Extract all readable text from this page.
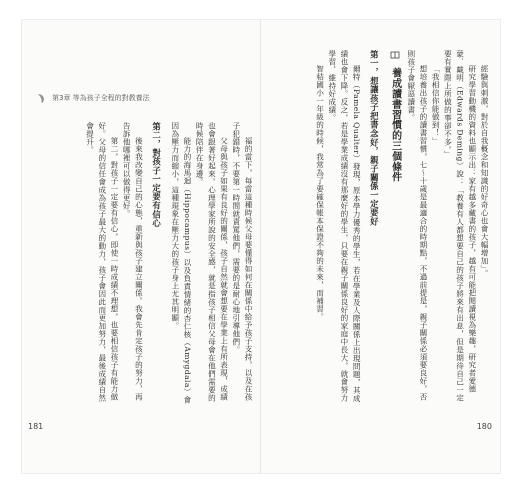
第3章 等為孩子全程的對教養法	經驗與刺激，對於自我概念和知識的好奇心也會大幅增加」。

研究學習動機的資料也顯示出：家有越多藏書的孩子，越有可能把閱讀視為樂趣，研究者愛德蒙．戴明（Edwards Deming）說：「教養有人都想要自己的孩子將來有出息，但是期待自己一定要有實際上所做的事卻不多。」

「我相信你能做到！」

想培養出孩子的讀書習慣，七～十歲是最適合的時期點，不過前提是，親子關係必須要良好，否則孩子會厭惡讀書。

養成讀書習慣的三個條件

第一，想讓孩子把書念好，親子關係一定要好

爾特（Pamela Qualter）發現，原本學力優秀的學生，若在學業及人際關係上出現問題，其成績也會下降。反之，若是學業成績沒有那麼好的學生，只要在親子關係良好的家庭中長大，就會努力學習、維持好成績。

智秸國小一年級的時候，我常為了要確保帳本保證不夠的未來，而補習。

福的當下，每當這種時候父母要懂得如何在關係中給予孩子支持，以及在孩子犯錯時，不要第一時間就責罵他們，需要的是耐心地引導他們。

父母與孩子如果有良好的關係，孩子自然就會想要在學業上有所表現，成績也會跟著好起來。心理學家所說的安全感，就是指孩子相信父母會在他們需要的時候陪伴在身邊。

能力的海馬迴（Hippocampus）以及負責情緒的杏仁核（Amygdala）會因為壓力而縮小，這種現象在壓力大的孩子身上尤其明顯。

第二，對孩子一定要有信心

後來我改變自己的心態，重新與孩子建立關係。我會先肯定孩子的努力，再告訴他哪裡可以做得更好。

第二，對孩子一定要有信心，即使一時成績不理想，也要相信孩子有能力做好。父母的信任會成為孩子最大的動力，孩子會因此而更加努力，最後成績自然會提升。

181	180
